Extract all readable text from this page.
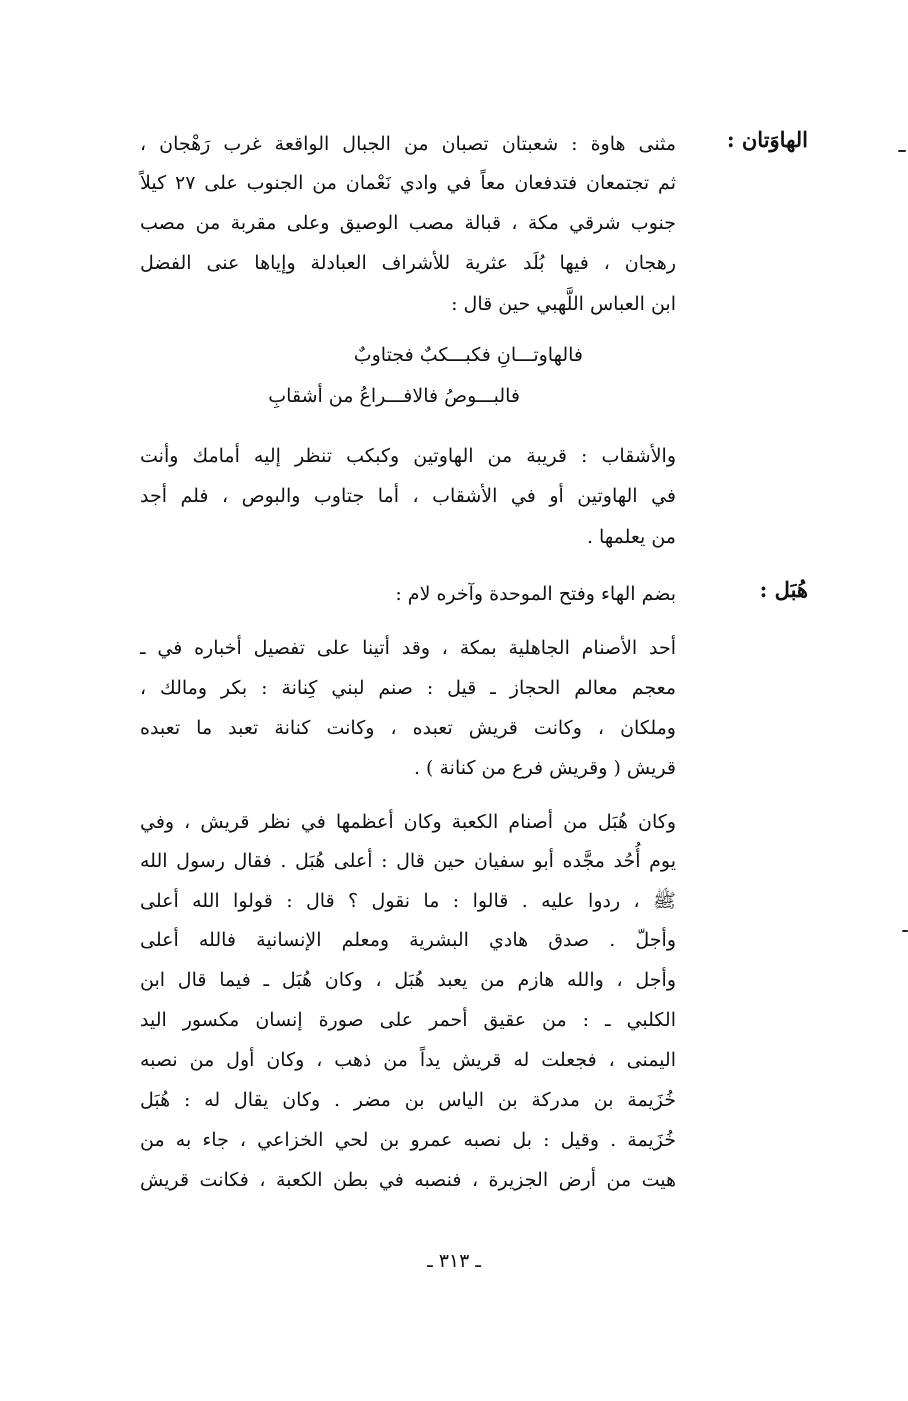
الهاوَتان :
مثنى هاوة : شعبتان تصبان من الجبال الواقعة غرب رَهْجان ،
ثم تجتمعان فتدفعان معاً في وادي نَعْمان من الجنوب على ٢٧ كيلاً
جنوب شرقي مكة ، قبالة مصب الوصيق وعلى مقربة من مصب
رهجان ، فيها بُلَد عثرية للأشراف العبادلة وإياها عنى الفضل
ابن العباس اللَّهبي حين قال :
فالهاوتـــانِ فكبـــكبٌ فجتاوبٌ
فالبـــوصُ فالافـــراعُ من أشقابِ
والأشقاب : قريبة من الهاوتين وكبكب تنظر إليه أمامك وأنت
في الهاوتين أو في الأشقاب ، أما جتاوب والبوص ، فلم أجد
من يعلمها .
هُبَل :
بضم الهاء وفتح الموحدة وآخره لام :
أحد الأصنام الجاهلية بمكة ، وقد أتينا على تفصيل أخباره في ـ
معجم معالم الحجاز ـ قيل : صنم لبني كِنانة : بكر ومالك ،
وملكان ، وكانت قريش تعبده ، وكانت كنانة تعبد ما تعبده
قريش ( وقريش فرع من كنانة ) .
وكان هُبَل من أصنام الكعبة وكان أعظمها في نظر قريش ، وفي
يوم أُحُد مجَّده أبو سفيان حين قال : أعلى هُبَل . فقال رسول الله
ﷺ ، ردوا عليه . قالوا : ما نقول ؟ قال : قولوا الله أعلى
وأجلّ . صدق هادي البشرية ومعلم الإنسانية فالله أعلى
وأجل ، والله هازم من يعبد هُبَل ، وكان هُبَل ـ فيما قال ابن
الكلبي ـ : من عقيق أحمر على صورة إنسان مكسور اليد
اليمنى ، فجعلت له قريش يداً من ذهب ، وكان أول من نصبه
خُزَيمة بن مدركة بن الياس بن مضر . وكان يقال له : هُبَل
خُزَيمة . وقيل : بل نصبه عمرو بن لحي الخزاعي ، جاء به من
هيت من أرض الجزيرة ، فنصبه في بطن الكعبة ، فكانت قريش
ـ ٣١٣ ـ
